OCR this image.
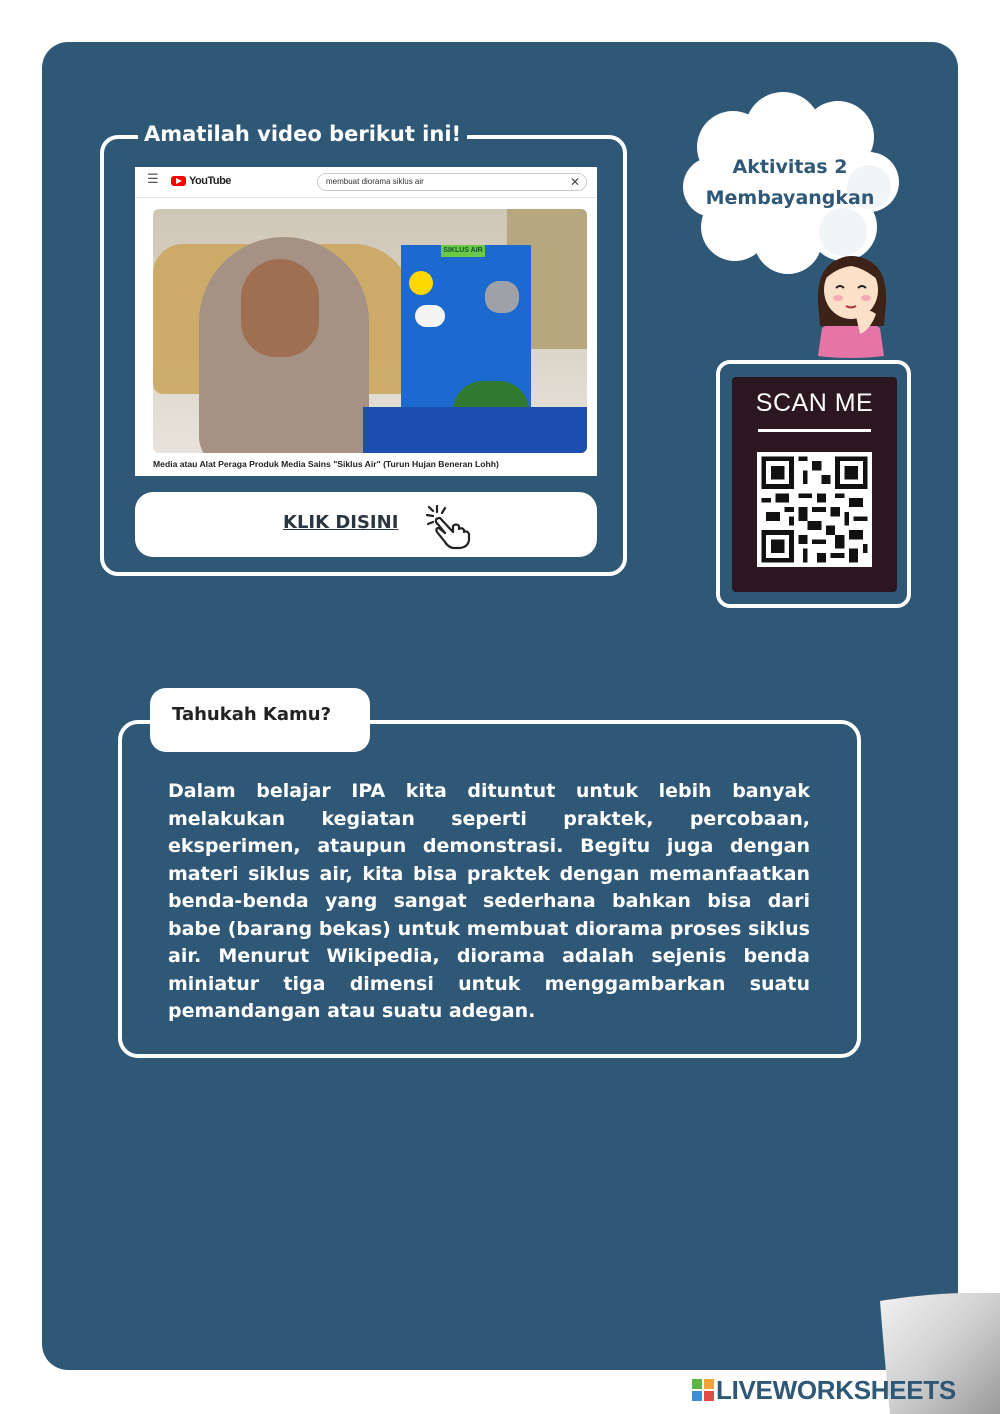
Amatilah video berikut ini!
☰	YouTube	membuat diorama siklus air	✕
SIKLUS AIR
Media atau Alat Peraga Produk Media Sains "Siklus Air" (Turun Hujan Beneran Lohh)
KLIK DISINI
Aktivitas 2
Membayangkan
SCAN ME
Tahukah Kamu?
Dalam belajar IPA kita dituntut untuk lebih banyak melakukan kegiatan seperti praktek, percobaan, eksperimen, ataupun demonstrasi. Begitu juga dengan materi siklus air, kita bisa praktek dengan memanfaatkan benda-benda yang sangat sederhana bahkan bisa dari babe (barang bekas) untuk membuat diorama proses siklus air. Menurut Wikipedia, diorama adalah sejenis benda miniatur tiga dimensi untuk menggambarkan suatu pemandangan atau suatu adegan.
LIVEWORKSHEETS
